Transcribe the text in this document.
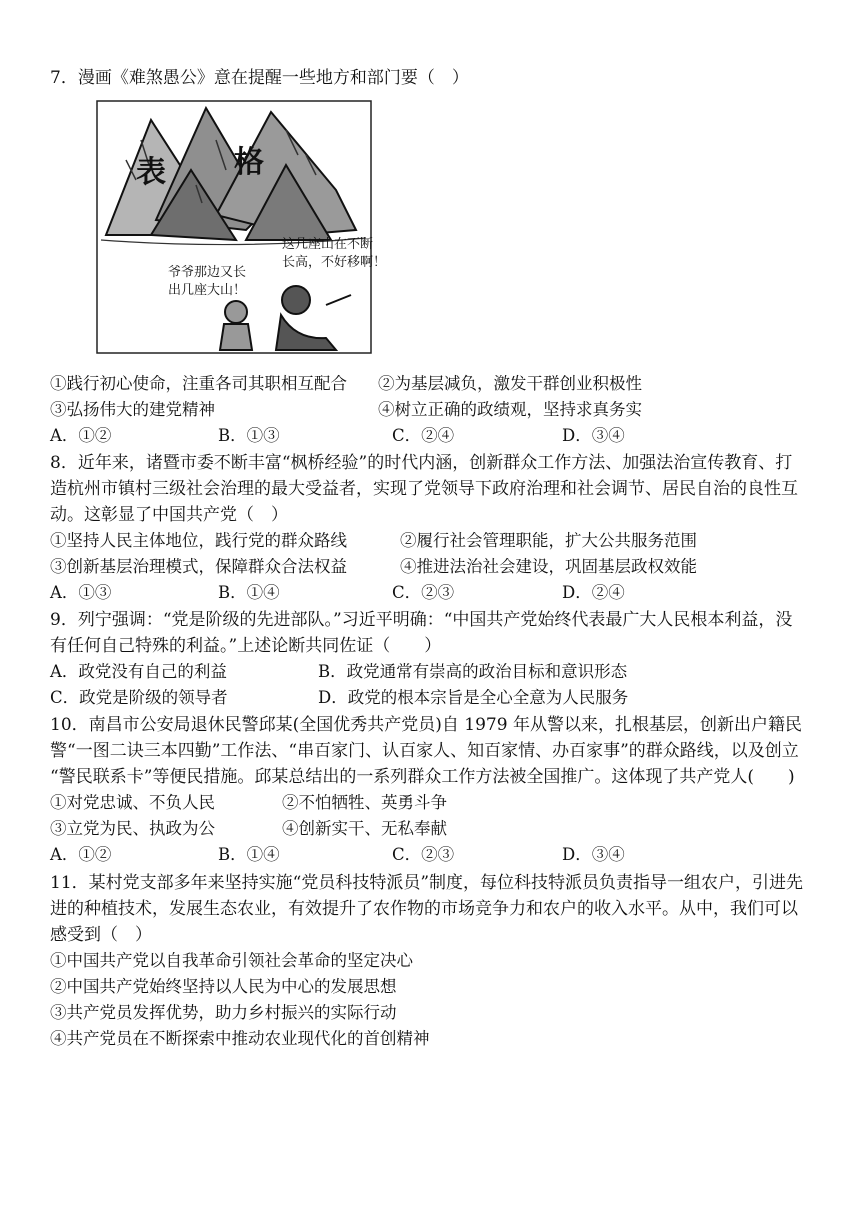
7．漫画《难煞愚公》意在提醒一些地方和部门要（　）
表 格
这几座山在不断
长高，不好移啊！
爷爷那边又长
出几座大山！
①践行初心使命，注重各司其职相互配合 ②为基层减负，激发干群创业积极性
③弘扬伟大的建党精神	④树立正确的政绩观，坚持求真务实
A．①②	B．①③	C．②④	D．③④
8．近年来，诸暨市委不断丰富“枫桥经验”的时代内涵，创新群众工作方法、加强法治宣传教育、打
造杭州市镇村三级社会治理的最大受益者，实现了党领导下政府治理和社会调节、居民自治的良性互
动。这彰显了中国共产党（　）
①坚持人民主体地位，践行党的群众路线	②履行社会管理职能，扩大公共服务范围
③创新基层治理模式，保障群众合法权益	④推进法治社会建设，巩固基层政权效能
A．①③	B．①④	C．②③	D．②④
9．列宁强调：“党是阶级的先进部队。”习近平明确：“中国共产党始终代表最广大人民根本利益，没
有任何自己特殊的利益。”上述论断共同佐证（　　）
A．政党没有自己的利益	B．政党通常有崇高的政治目标和意识形态
C．政党是阶级的领导者	D．政党的根本宗旨是全心全意为人民服务
10．南昌市公安局退休民警邱某(全国优秀共产党员)自 1979 年从警以来，扎根基层，创新出户籍民
警“一图二诀三本四勤”工作法、“串百家门、认百家人、知百家情、办百家事”的群众路线，以及创立
“警民联系卡”等便民措施。邱某总结出的一系列群众工作方法被全国推广。这体现了共产党人(　　)
①对党忠诚、不负人民	②不怕牺牲、英勇斗争
③立党为民、执政为公	④创新实干、无私奉献
A．①②	B．①④	C．②③	D．③④
11．某村党支部多年来坚持实施“党员科技特派员”制度，每位科技特派员负责指导一组农户，引进先
进的种植技术，发展生态农业，有效提升了农作物的市场竞争力和农户的收入水平。从中，我们可以
感受到（　）
①中国共产党以自我革命引领社会革命的坚定决心
②中国共产党始终坚持以人民为中心的发展思想
③共产党员发挥优势，助力乡村振兴的实际行动
④共产党员在不断探索中推动农业现代化的首创精神
